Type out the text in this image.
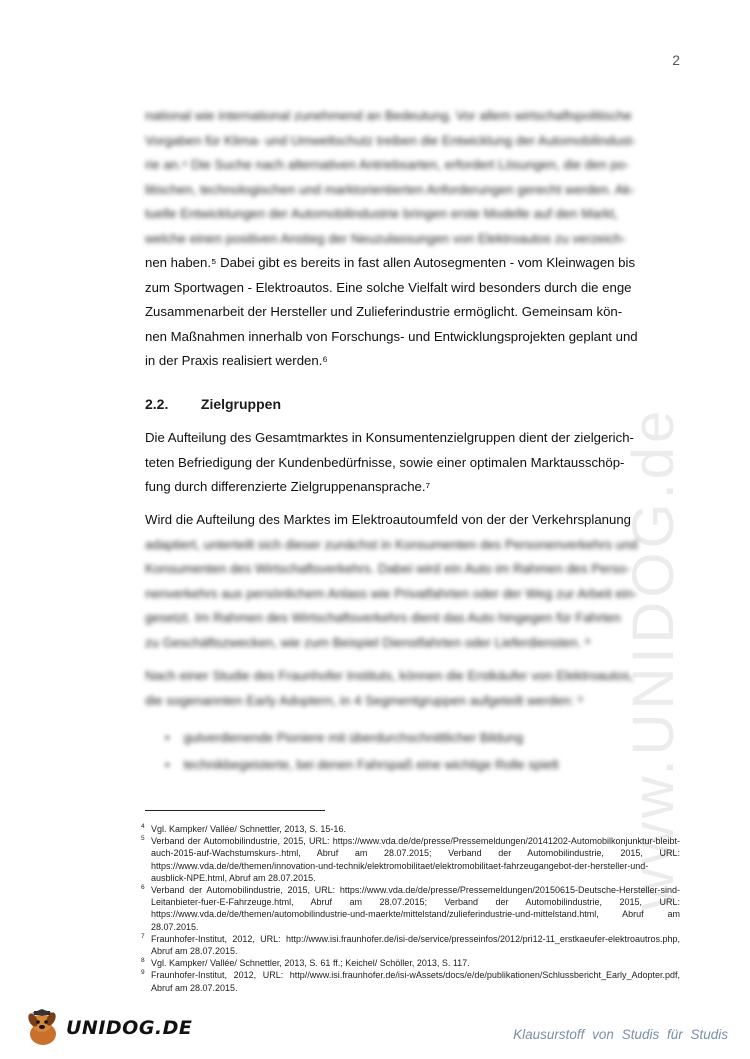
2
www.UNIDOG.de
national wie international zunehmend an Bedeutung. Vor allem wirtschaftspolitische
Vorgaben für Klima- und Umweltschutz treiben die Entwicklung der Automobilindust-
rie an.⁴ Die Suche nach alternativen Antriebsarten, erfordert Lösungen, die den po-
litischen, technologischen und marktorientierten Anforderungen gerecht werden. Ak-
tuelle Entwicklungen der Automobilindustrie bringen erste Modelle auf den Markt,
welche einen positiven Anstieg der Neuzulassungen von Elektroautos zu verzeich-
nen haben.⁵ Dabei gibt es bereits in fast allen Autosegmenten - vom Kleinwagen bis
zum Sportwagen - Elektroautos. Eine solche Vielfalt wird besonders durch die enge
Zusammenarbeit der Hersteller und Zulieferindustrie ermöglicht. Gemeinsam kön-
nen Maßnahmen innerhalb von Forschungs- und Entwicklungsprojekten geplant und
in der Praxis realisiert werden.⁶
2.2. Zielgruppen
Die Aufteilung des Gesamtmarktes in Konsumentenzielgruppen dient der zielgerich-
teten Befriedigung der Kundenbedürfnisse, sowie einer optimalen Marktausschöp-
fung durch differenzierte Zielgruppenansprache.⁷
Wird die Aufteilung des Marktes im Elektroautoumfeld von der der Verkehrsplanung
adaptiert, unterteilt sich dieser zunächst in Konsumenten des Personenverkehrs und
Konsumenten des Wirtschaftsverkehrs. Dabei wird ein Auto im Rahmen des Perso-
nenverkehrs aus persönlichem Anlass wie Privatfahrten oder der Weg zur Arbeit ein-
gesetzt. Im Rahmen des Wirtschaftsverkehrs dient das Auto hingegen für Fahrten
zu Geschäftszwecken, wie zum Beispiel Dienstfahrten oder Lieferdiensten. ⁸
Nach einer Studie des Fraunhofer Instituts, können die Erstkäufer von Elektroautos,
die sogenannten Early Adoptern, in 4 Segmentgruppen aufgeteilt werden: ⁹
• gutverdienende Pioniere mit überdurchschnittlicher Bildung
• technikbegeisterte, bei denen Fahrspaß eine wichtige Rolle spielt
4 Vgl. Kampker/ Vallée/ Schnettler, 2013, S. 15-16.
5 Verband der Automobilindustrie, 2015, URL: https://www.vda.de/de/presse/Pressemeldungen/20141202-Automobilkonjunktur-bleibt-auch-2015-auf-Wachstumskurs-.html, Abruf am 28.07.2015; Verband der Automobilindustrie, 2015, URL: https://www.vda.de/de/themen/innovation-und-technik/elektromobilitaet/elektromobilitaet-fahrzeugangebot-der-hersteller-und-ausblick-NPE.html, Abruf am 28.07.2015.
6 Verband der Automobilindustrie, 2015, URL: https://www.vda.de/de/presse/Pressemeldungen/20150615-Deutsche-Hersteller-sind-Leitanbieter-fuer-E-Fahrzeuge.html, Abruf am 28.07.2015; Verband der Automobilindustrie, 2015, URL: https://www.vda.de/de/themen/automobilindustrie-und-maerkte/mittelstand/zulieferindustrie-und-mittelstand.html, Abruf am 28.07.2015.
7 Fraunhofer-Institut, 2012, URL: http://www.isi.fraunhofer.de/isi-de/service/presseinfos/2012/pri12-11_erstkaeufer-elektroautros.php, Abruf am 28.07.2015.
8 Vgl. Kampker/ Vallée/ Schnettler, 2013, S. 61 ff.; Keichel/ Schöller, 2013, S. 117.
9 Fraunhofer-Institut, 2012, URL: http//www.isi.fraunhofer.de/isi-wAssets/docs/e/de/publikationen/Schlussbericht_Early_Adopter.pdf, Abruf am 28.07.2015.
UNIDOG.DE	Klausurstoff von Studis für Studis
